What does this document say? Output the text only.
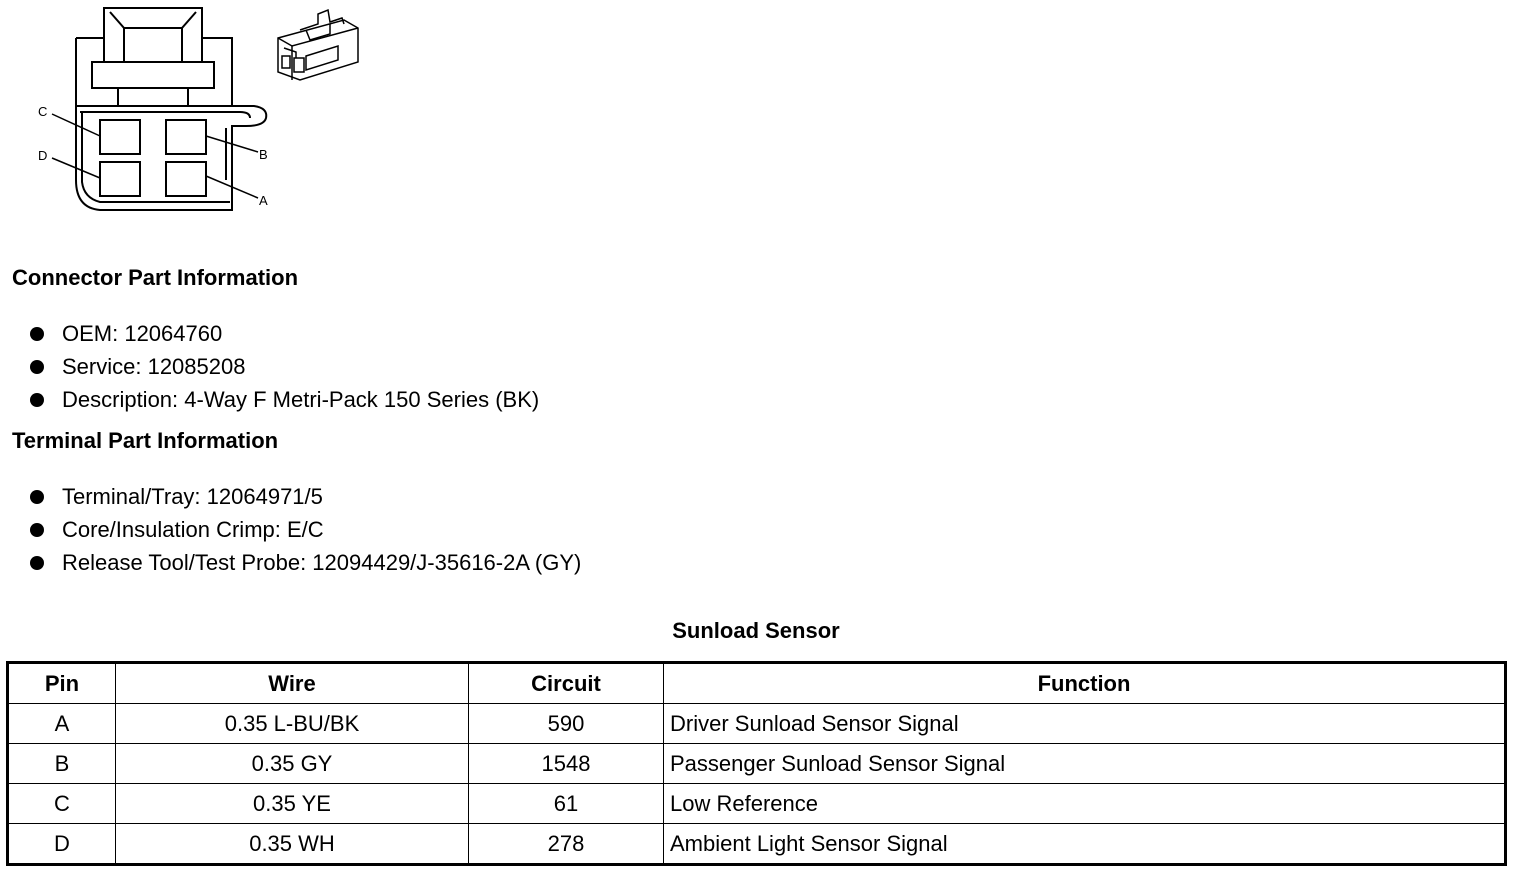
C
D	B
A
Connector Part Information
OEM: 12064760
Service: 12085208
Description: 4-Way F Metri-Pack 150 Series (BK)
Terminal Part Information
Terminal/Tray: 12064971/5
Core/Insulation Crimp: E/C
Release Tool/Test Probe: 12094429/J-35616-2A (GY)
Sunload Sensor
Pin	Wire	Circuit	Function
A	0.35 L-BU/BK	590	Driver Sunload Sensor Signal
B	0.35 GY	1548	Passenger Sunload Sensor Signal
C	0.35 YE	61	Low Reference
D	0.35 WH	278	Ambient Light Sensor Signal
